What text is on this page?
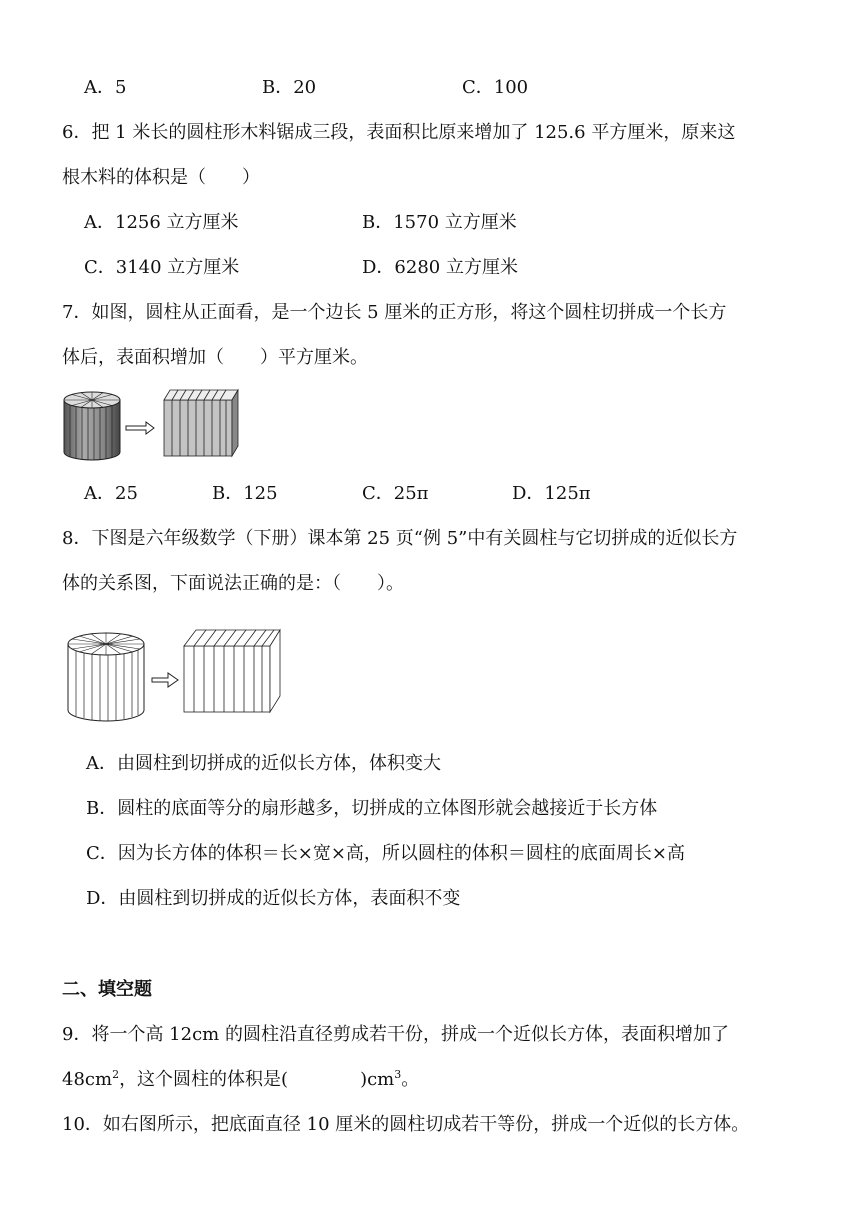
A．5	B．20	C．100
6．把 1 米长的圆柱形木料锯成三段，表面积比原来增加了 125.6 平方厘米，原来这
根木料的体积是（　　）
A．1256 立方厘米	B．1570 立方厘米
C．3140 立方厘米	D．6280 立方厘米
7．如图，圆柱从正面看，是一个边长 5 厘米的正方形，将这个圆柱切拼成一个长方
体后，表面积增加（　　）平方厘米。
A．25	B．125	C．25π	D．125π
8．下图是六年级数学（下册）课本第 25 页“例 5”中有关圆柱与它切拼成的近似长方
体的关系图，下面说法正确的是：（　　）。
A．由圆柱到切拼成的近似长方体，体积变大
B．圆柱的底面等分的扇形越多，切拼成的立体图形就会越接近于长方体
C．因为长方体的体积＝长×宽×高，所以圆柱的体积＝圆柱的底面周长×高
D．由圆柱到切拼成的近似长方体，表面积不变
二、填空题
9．将一个高 12cm 的圆柱沿直径剪成若干份，拼成一个近似长方体，表面积增加了
$48cm^2$，这个圆柱的体积是(　　　　)$cm^3$。
10．如右图所示，把底面直径 10 厘米的圆柱切成若干等份，拼成一个近似的长方体。
